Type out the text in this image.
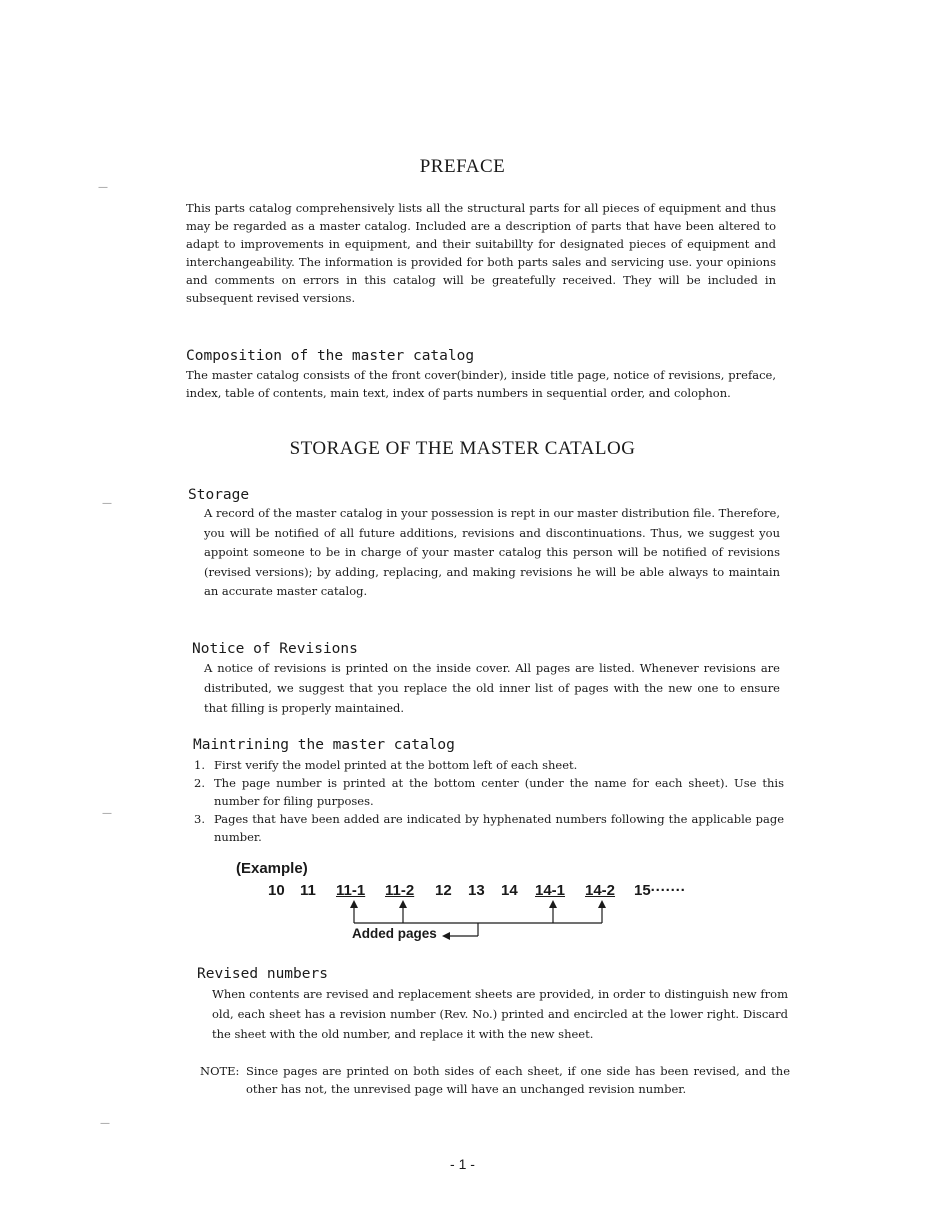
—
—
—
—
PREFACE

This parts catalog comprehensively lists all the structural parts for all pieces of equipment and thus may be regarded as a master catalog. Included are a description of parts that have been altered to adapt to improvements in equipment, and their suitabillty for designated pieces of equipment and interchangeability. The information is provided for both parts sales and servicing use. your opinions and comments on errors in this catalog will be greatefully received. They will be included in subsequent revised versions.

Composition of the master catalog

The master catalog consists of the front cover(binder), inside title page, notice of revisions, preface, index, table of contents, main text, index of parts numbers in sequential order, and colophon.

STORAGE OF THE MASTER CATALOG
Storage

A record of the master catalog in your possession is rept in our master distribution file. Therefore, you will be notified of all future additions, revisions and discontinuations. Thus, we suggest you appoint someone to be in charge of your master catalog this person will be notified of revisions (revised versions); by adding, replacing, and making revisions he will be able always to maintain an accurate master catalog.

Notice of Revisions

A notice of revisions is printed on the inside cover. All pages are listed. Whenever revisions are distributed, we suggest that you replace the old inner list of pages with the new one to ensure that filling is properly maintained.

Maintrining the master catalog
1. First verify the model printed at the bottom left of each sheet.
2. The page number is printed at the bottom center (under the name for each sheet). Use this number for filing purposes.
3. Pages that have been added are indicated by hyphenated numbers following the applicable page number.
(Example)
10 11 11-1 11-2 12 13 14 14-1 14-2 15·······
Added pages
Revised numbers

When contents are revised and replacement sheets are provided, in order to distinguish new from old, each sheet has a revision number (Rev. No.) printed and encircled at the lower right. Discard the sheet with the old number, and replace it with the new sheet.

NOTE: Since pages are printed on both sides of each sheet, if one side has been revised, and the other has not, the unrevised page will have an unchanged revision number.
- 1 -
